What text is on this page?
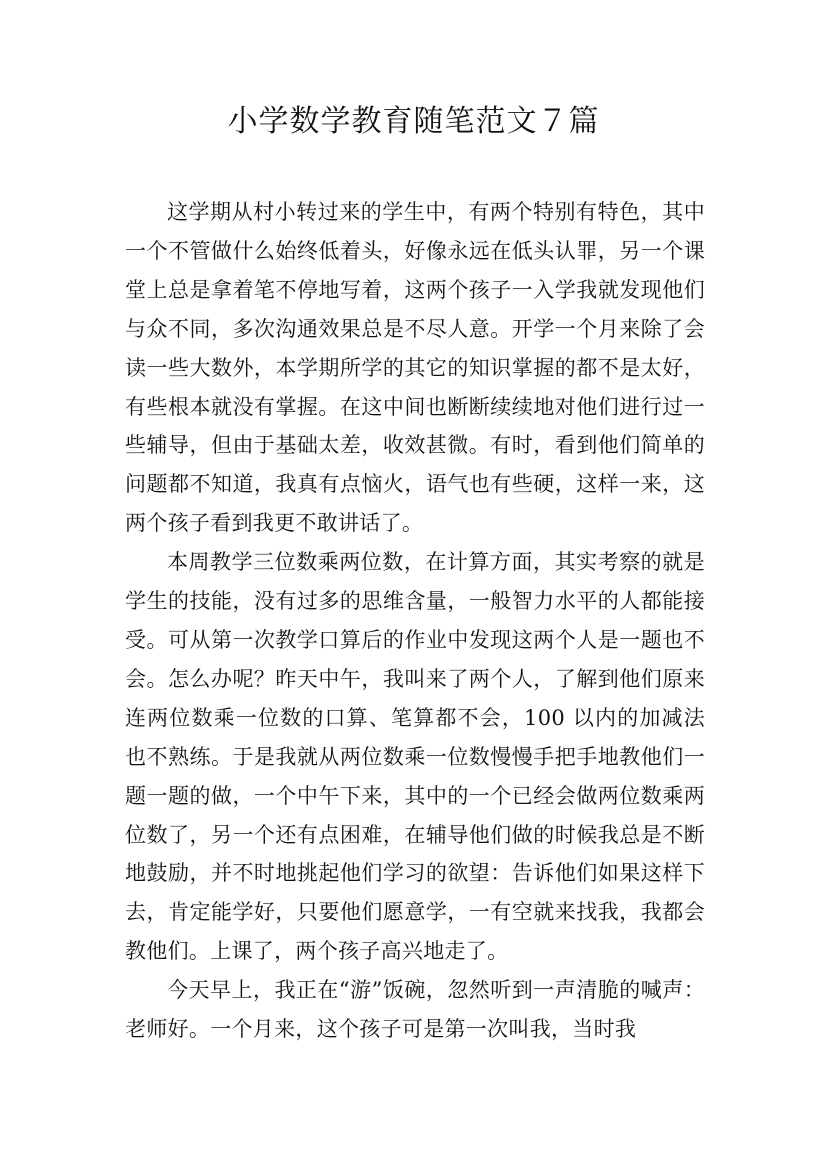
小学数学教育随笔范文７篇

这学期从村小转过来的学生中，有两个特别有特色，其中一个不管做什么始终低着头，好像永远在低头认罪，另一个课堂上总是拿着笔不停地写着，这两个孩子一入学我就发现他们与众不同，多次沟通效果总是不尽人意。开学一个月来除了会读一些大数外，本学期所学的其它的知识掌握的都不是太好，有些根本就没有掌握。在这中间也断断续续地对他们进行过一些辅导，但由于基础太差，收效甚微。有时，看到他们简单的问题都不知道，我真有点恼火，语气也有些硬，这样一来，这两个孩子看到我更不敢讲话了。

本周教学三位数乘两位数，在计算方面，其实考察的就是学生的技能，没有过多的思维含量，一般智力水平的人都能接受。可从第一次教学口算后的作业中发现这两个人是一题也不会。怎么办呢？昨天中午，我叫来了两个人，了解到他们原来连两位数乘一位数的口算、笔算都不会，100 以内的加减法也不熟练。于是我就从两位数乘一位数慢慢手把手地教他们一题一题的做，一个中午下来，其中的一个已经会做两位数乘两位数了，另一个还有点困难，在辅导他们做的时候我总是不断地鼓励，并不时地挑起他们学习的欲望：告诉他们如果这样下去，肯定能学好，只要他们愿意学，一有空就来找我，我都会教他们。上课了，两个孩子高兴地走了。

今天早上，我正在“游”饭碗，忽然听到一声清脆的喊声：老师好。一个月来，这个孩子可是第一次叫我，当时我
